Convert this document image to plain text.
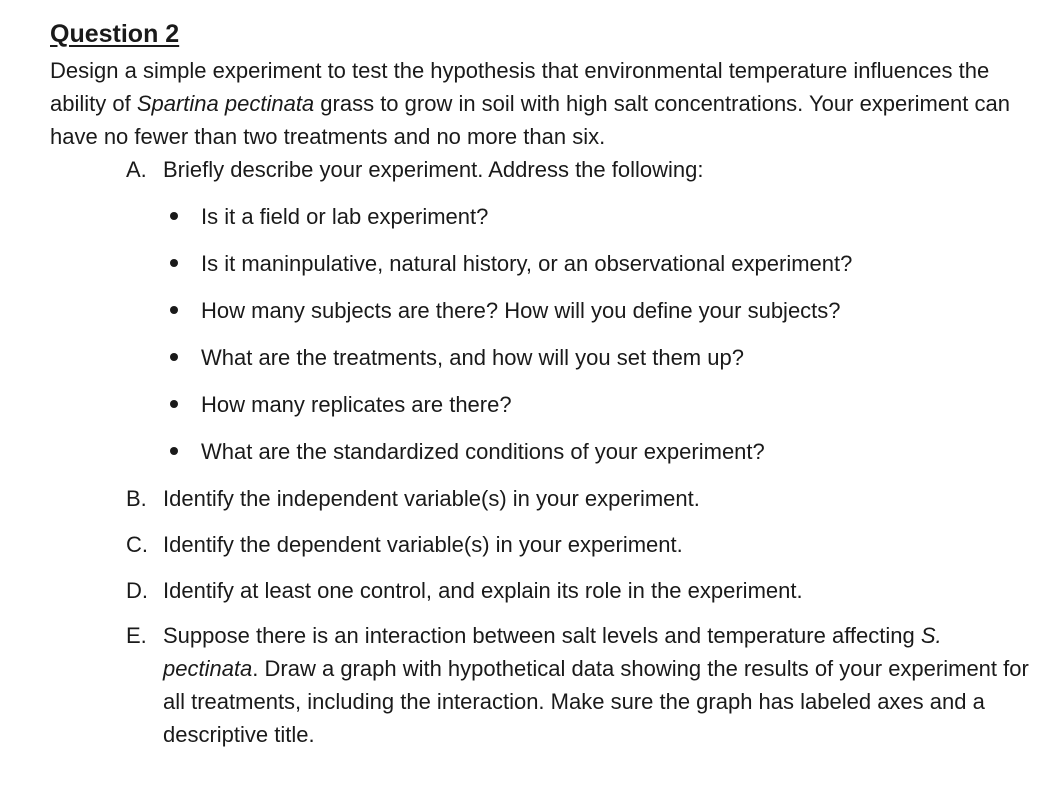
Question 2

Design a simple experiment to test the hypothesis that environmental temperature influences the ability of Spartina pectinata grass to grow in soil with high salt concentrations. Your experiment can have no fewer than two treatments and no more than six.

A. Briefly describe your experiment. Address the following:
Is it a field or lab experiment?
Is it maninpulative, natural history, or an observational experiment?
How many subjects are there? How will you define your subjects?
What are the treatments, and how will you set them up?
How many replicates are there?
What are the standardized conditions of your experiment?
B. Identify the independent variable(s) in your experiment.
C. Identify the dependent variable(s) in your experiment.
D. Identify at least one control, and explain its role in the experiment.
E. Suppose there is an interaction between salt levels and temperature affecting S. pectinata. Draw a graph with hypothetical data showing the results of your experiment for all treatments, including the interaction. Make sure the graph has labeled axes and a descriptive title.
